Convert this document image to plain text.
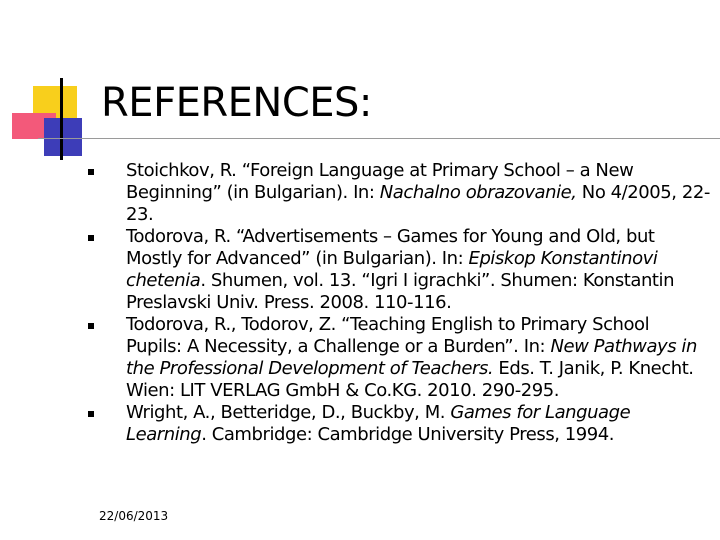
REFERENCES:
Stoichkov, R. “Foreign Language at Primary School – a New Beginning” (in Bulgarian). In: Nachalno obrazovanie, No 4/2005, 22-23.
Todorova, R. “Advertisements – Games for Young and Old, but Mostly for Advanced” (in Bulgarian). In: Episkop Konstantinovi chetenia. Shumen, vol. 13. “Igri I igrachki”. Shumen: Konstantin Preslavski Univ. Press. 2008. 110-116.
Todorova, R., Todorov, Z. “Teaching English to Primary School Pupils: A Necessity, a Challenge or a Burden”. In: New Pathways in the Professional Development of Teachers. Eds. T. Janik, P. Knecht. Wien: LIT VERLAG GmbH & Co.KG. 2010. 290-295.
Wright, A., Betteridge, D., Buckby, M. Games for Language Learning. Cambridge: Cambridge University Press, 1994.
22/06/2013
